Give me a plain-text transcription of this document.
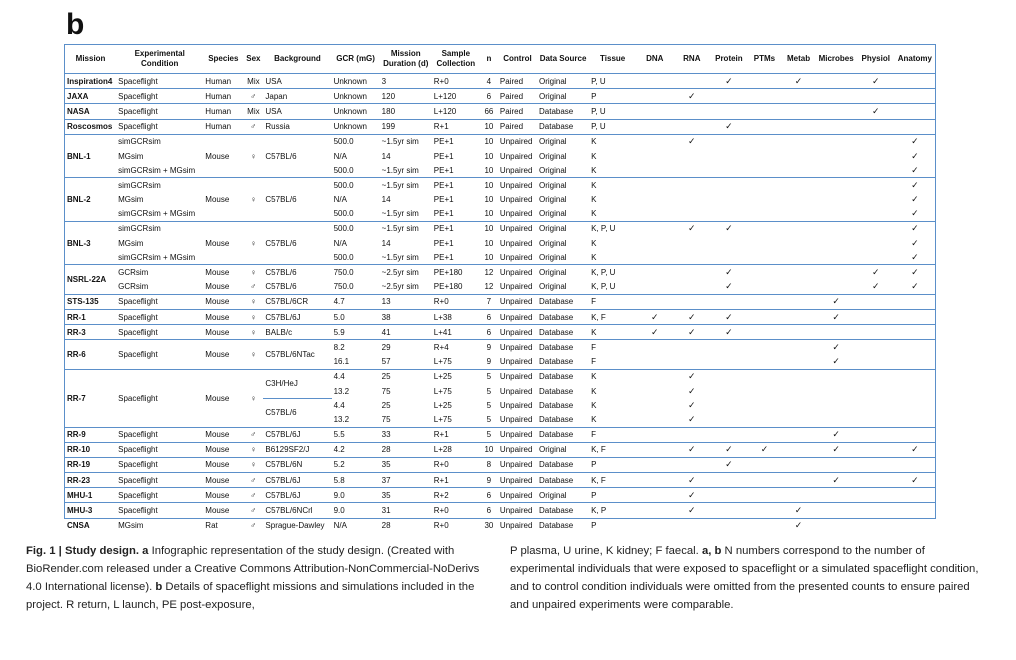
b
Mission	Experimental Condition	Species	Sex	Background	GCR (mG)	Mission Duration (d)	Sample Collection	n	Control	Data Source	Tissue	DNA	RNA	Protein	PTMs	Metab	Microbes	Physiol	Anatomy
Inspiration4	Spaceflight	Human	Mix	USA	Unknown	3	R+0	4	Paired	Original	P, U			✓		✓		✓	
JAXA	Spaceflight	Human	♂	Japan	Unknown	120	L+120	6	Paired	Original	P		✓						
NASA	Spaceflight	Human	Mix	USA	Unknown	180	L+120	66	Paired	Database	P, U							✓	
Roscosmos	Spaceflight	Human	♂	Russia	Unknown	199	R+1	10	Paired	Database	P, U			✓					
BNL-1	simGCRsim	Mouse	♀	C57BL/6	500.0	~1.5yr sim	PE+1	10	Unpaired	Original	K		✓						✓
	MGsim				N/A	14	PE+1	10	Unpaired	Original	K								✓
	simGCRsim + MGsim				500.0	~1.5yr sim	PE+1	10	Unpaired	Original	K								✓
BNL-2	simGCRsim	Mouse	♀	C57BL/6	500.0	~1.5yr sim	PE+1	10	Unpaired	Original	K								✓
	MGsim				N/A	14	PE+1	10	Unpaired	Original	K								✓
	simGCRsim + MGsim				500.0	~1.5yr sim	PE+1	10	Unpaired	Original	K								✓
BNL-3	simGCRsim	Mouse	♀	C57BL/6	500.0	~1.5yr sim	PE+1	10	Unpaired	Original	K, P, U		✓	✓					✓
	MGsim				N/A	14	PE+1	10	Unpaired	Original	K								✓
	simGCRsim + MGsim				500.0	~1.5yr sim	PE+1	10	Unpaired	Original	K								✓
NSRL-22A	GCRsim	Mouse	♀	C57BL/6	750.0	~2.5yr sim	PE+180	12	Unpaired	Original	K, P, U			✓				✓	✓
	GCRsim	Mouse	♂	C57BL/6	750.0	~2.5yr sim	PE+180	12	Unpaired	Original	K, P, U			✓				✓	✓
STS-135	Spaceflight	Mouse	♀	C57BL/6CR	4.7	13	R+0	7	Unpaired	Database	F						✓		
RR-1	Spaceflight	Mouse	♀	C57BL/6J	5.0	38	L+38	6	Unpaired	Database	K, F	✓	✓	✓			✓		
RR-3	Spaceflight	Mouse	♀	BALB/c	5.9	41	L+41	6	Unpaired	Database	K	✓	✓	✓					
RR-6	Spaceflight	Mouse	♀	C57BL/6NTac	8.2	29	R+4	9	Unpaired	Database	F						✓		
					16.1	57	L+75	9	Unpaired	Database	F						✓		
RR-7	Spaceflight	Mouse	♀	C3H/HeJ	4.4	25	L+25	5	Unpaired	Database	K		✓						
					13.2	75	L+75	5	Unpaired	Database	K		✓						
				C57BL/6	4.4	25	L+25	5	Unpaired	Database	K		✓						
					13.2	75	L+75	5	Unpaired	Database	K		✓						
RR-9	Spaceflight	Mouse	♂	C57BL/6J	5.5	33	R+1	5	Unpaired	Database	F						✓		
RR-10	Spaceflight	Mouse	♀	B6129SF2/J	4.2	28	L+28	10	Unpaired	Original	K, F		✓	✓	✓		✓		✓
RR-19	Spaceflight	Mouse	♀	C57BL/6N	5.2	35	R+0	8	Unpaired	Database	P			✓					
RR-23	Spaceflight	Mouse	♂	C57BL/6J	5.8	37	R+1	9	Unpaired	Database	K, F		✓				✓		✓
MHU-1	Spaceflight	Mouse	♂	C57BL/6J	9.0	35	R+2	6	Unpaired	Original	P		✓						
MHU-3	Spaceflight	Mouse	♂	C57BL/6NCrl	9.0	31	R+0	6	Unpaired	Database	K, P		✓			✓			
CNSA	MGsim	Rat	♂	Sprague-Dawley	N/A	28	R+0	30	Unpaired	Database	P					✓			
Fig. 1 | Study design. a Infographic representation of the study design. (Created with BioRender.com released under a Creative Commons Attribution-NonCommercial-NoDerivs 4.0 International license). b Details of spaceflight missions and simulations included in the project. R return, L launch, PE post-exposure,
P plasma, U urine, K kidney; F faecal. a, b N numbers correspond to the number of experimental individuals that were exposed to spaceflight or a simulated spaceflight condition, and to control condition individuals were omitted from the presented counts to ensure paired and unpaired experiments were comparable.
